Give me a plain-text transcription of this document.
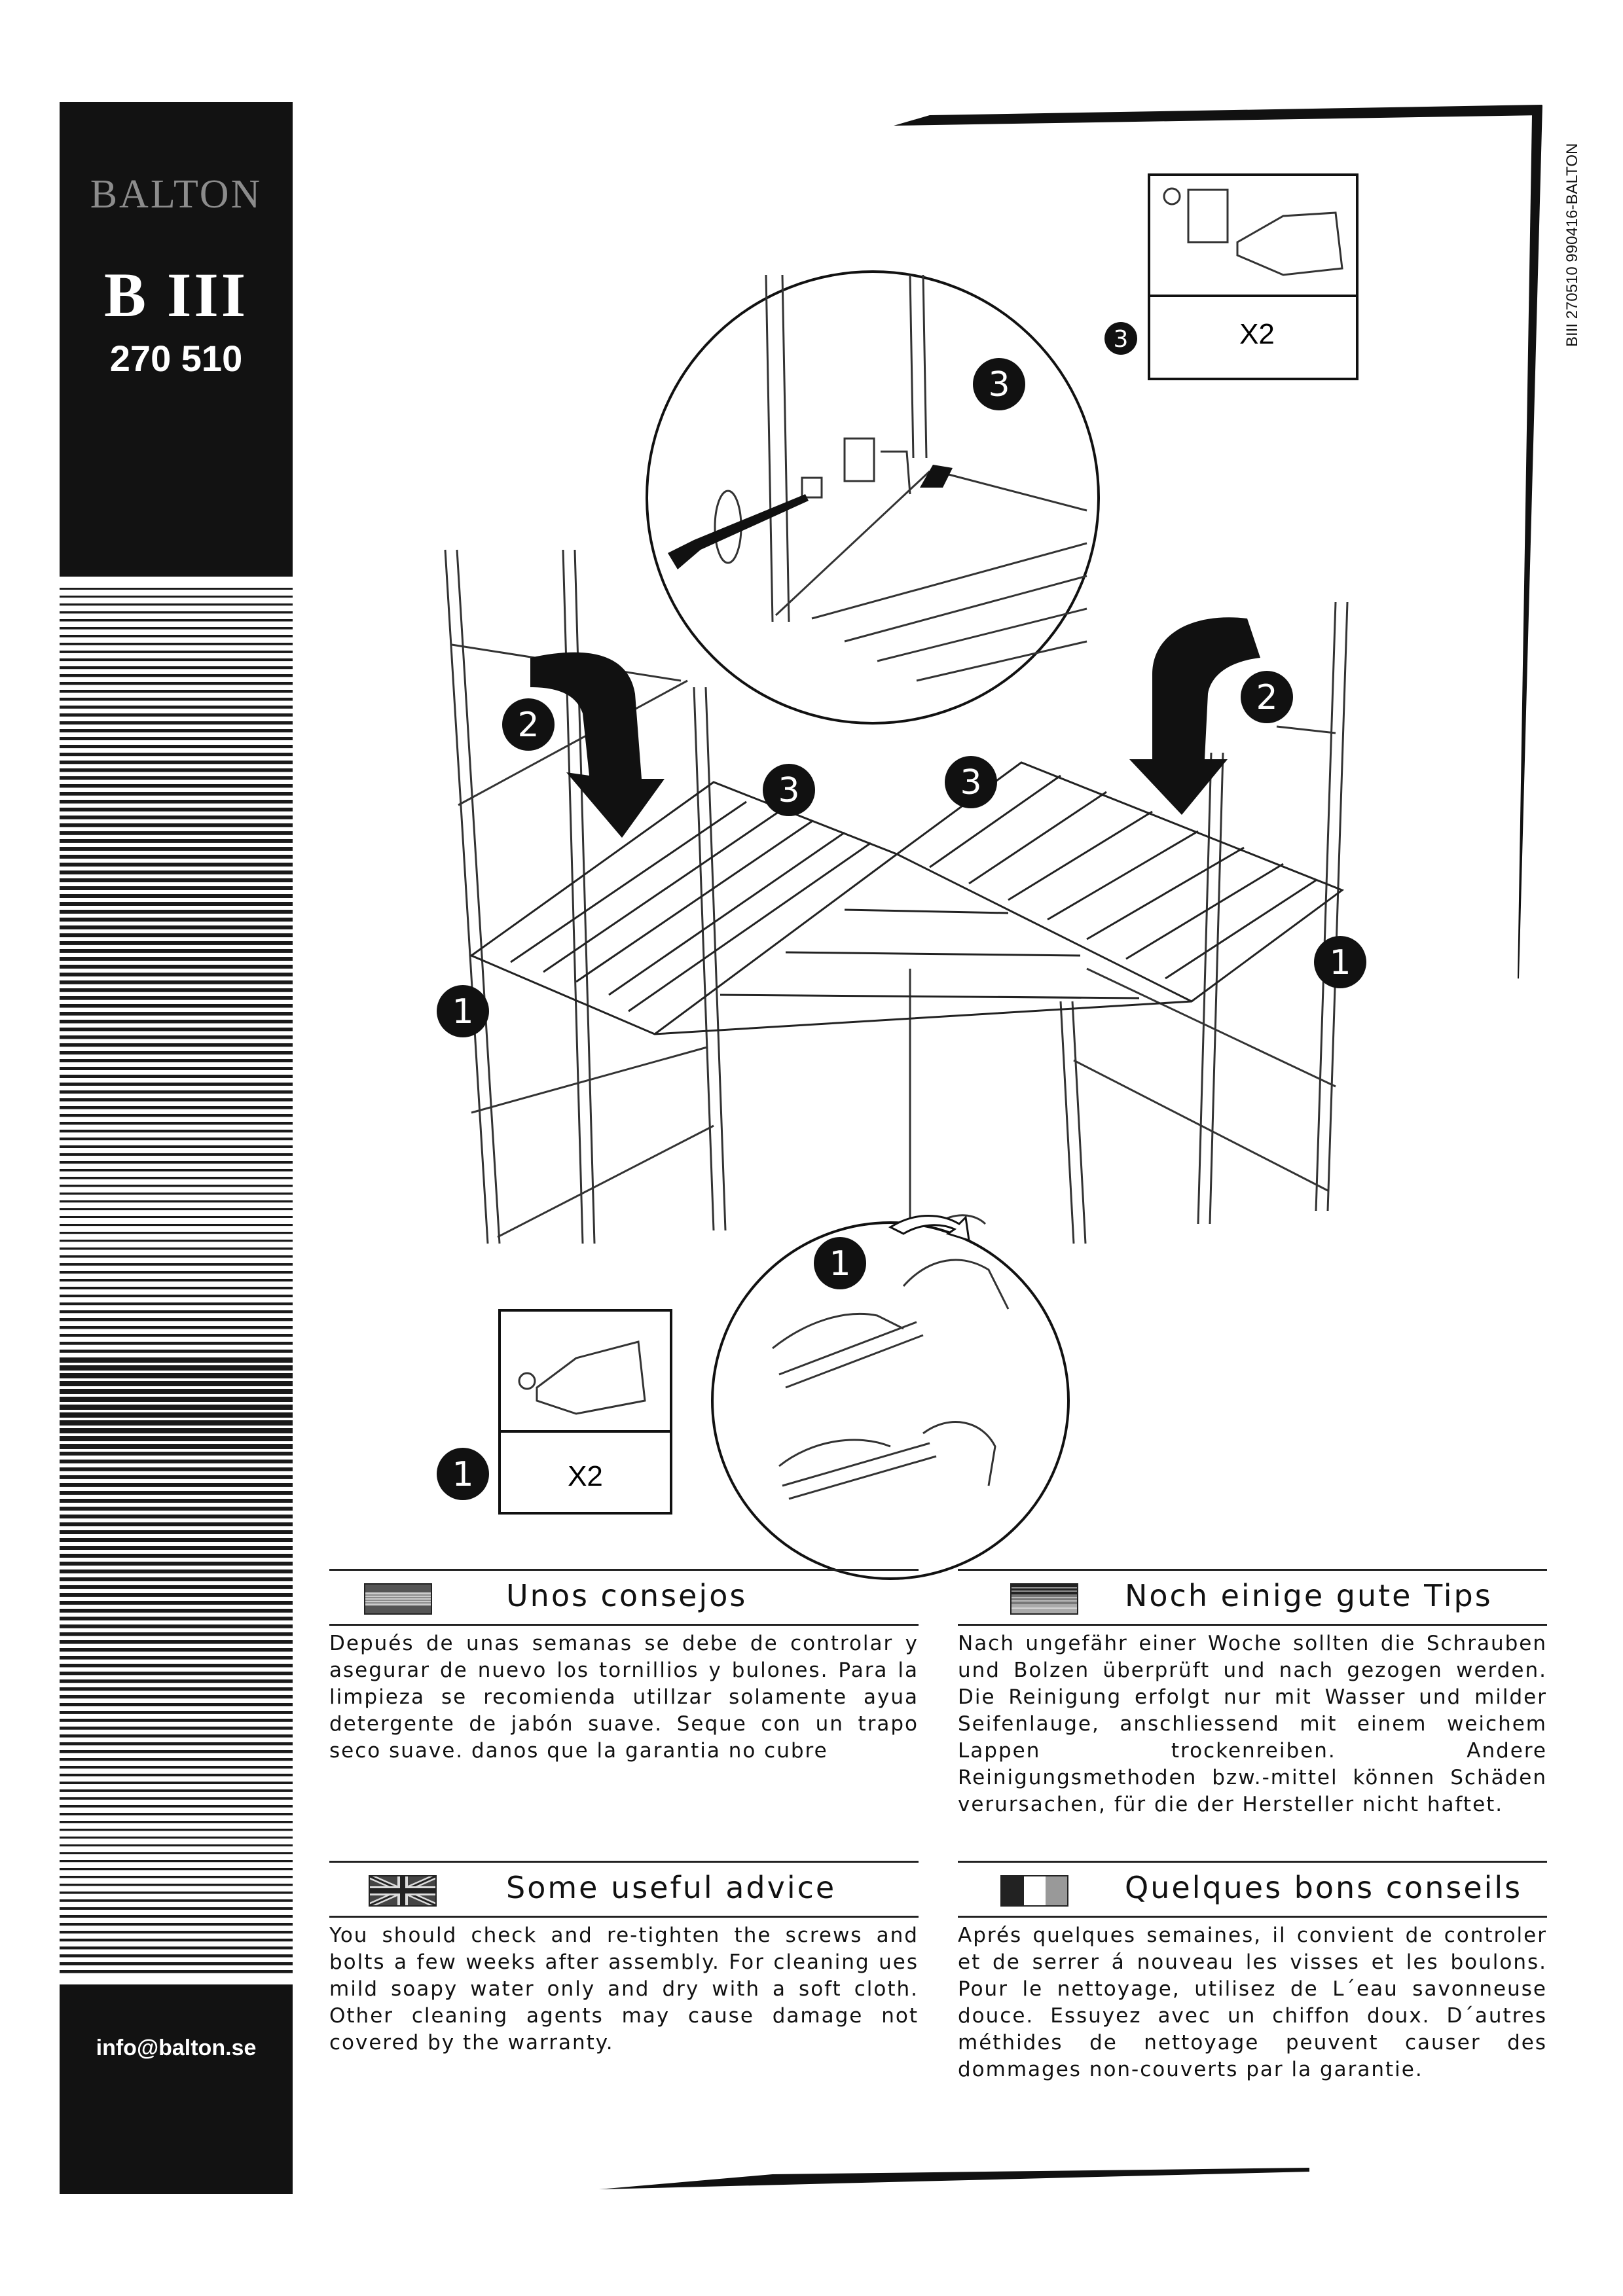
BALTON
B III
270 510
info@balton.se
BIII 270510 990416-BALTON
X2
X2
3
3
2
2
3	3
1
1
1
1
Unos consejos
Depués de unas semanas se debe de controlar y asegurar de nuevo los tornillios y bulones. Para la limpieza se recomienda utillzar solamente ayua detergente de jabón suave. Seque con un trapo seco suave. danos que la garantia no cubre
Noch einige gute Tips
Nach ungefähr einer Woche sollten die Schrauben und Bolzen überprüft und nach gezogen werden. Die Reinigung erfolgt nur mit Wasser und milder Seifenlauge, anschliessend mit einem weichem Lappen trockenreiben. Andere Reinigungsmethoden bzw.-mittel können Schäden verursachen, für die der Hersteller nicht haftet.
Some useful advice
You should check and re-tighten the screws and bolts a few weeks after assembly. For cleaning ues mild soapy water only and dry with a soft cloth. Other cleaning agents may cause damage not covered by the warranty.
Quelques bons conseils
Aprés quelques semaines, il convient de controler et de serrer á nouveau les visses et les boulons. Pour le nettoyage, utilisez de L´eau savonneuse douce. Essuyez avec un chiffon doux. D´autres méthides de nettoyage peuvent causer des dommages non-couverts par la garantie.
